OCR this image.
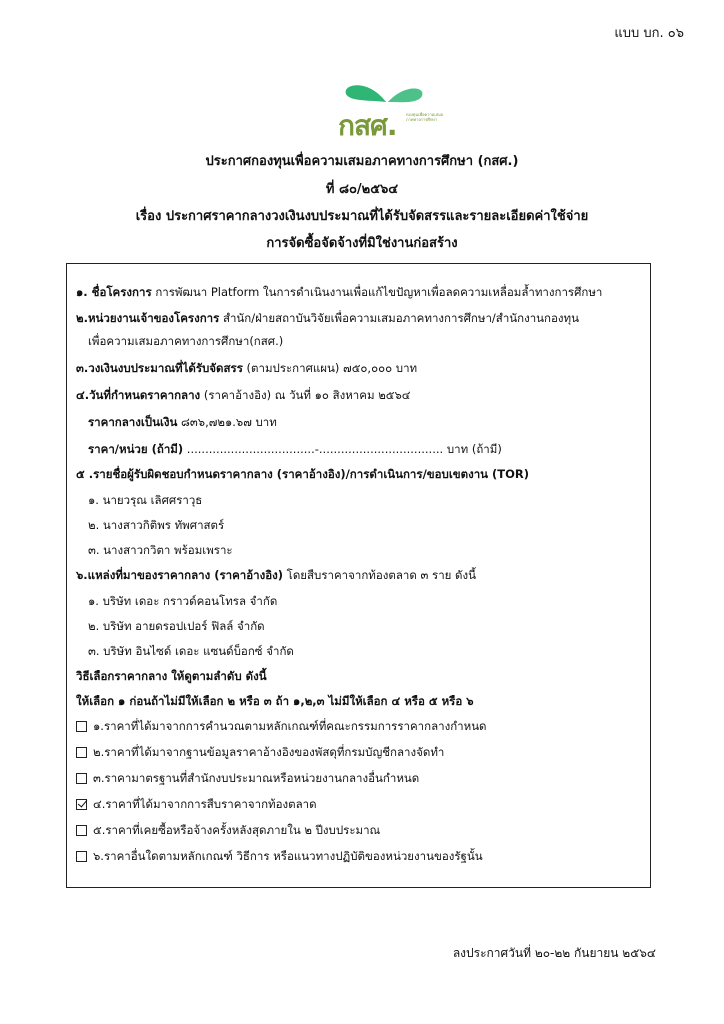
แบบ บก. ๐๖
กสศ. กองทุนเพื่อความเสมอภาคทางการศึกษา
ประกาศกองทุนเพื่อความเสมอภาคทางการศึกษา (กสศ.)
ที่ ๘๐/๒๕๖๔
เรื่อง ประกาศราคากลางวงเงินงบประมาณที่ได้รับจัดสรรและรายละเอียดค่าใช้จ่าย
การจัดซื้อจัดจ้างที่มิใช่งานก่อสร้าง
๑. ชื่อโครงการ การพัฒนา Platform ในการดำเนินงานเพื่อแก้ไขปัญหาเพื่อลดความเหลื่อมล้ำทางการศึกษา
๒.หน่วยงานเจ้าของโครงการ สำนัก/ฝ่ายสถาบันวิจัยเพื่อความเสมอภาคทางการศึกษา/สำนักงานกองทุน
เพื่อความเสมอภาคทางการศึกษา(กสศ.)
๓.วงเงินงบประมาณที่ได้รับจัดสรร (ตามประกาศแผน) ๗๕๐,๐๐๐ บาท
๔.วันที่กำหนดราคากลาง (ราคาอ้างอิง) ณ วันที่ ๑๐ สิงหาคม ๒๕๖๔
ราคากลางเป็นเงิน ๘๓๖,๗๒๑.๖๗ บาท
ราคา/หน่วย (ถ้ามี) ...................................-.................................. บาท (ถ้ามี)
๕ .รายชื่อผู้รับผิดชอบกำหนดราคากลาง (ราคาอ้างอิง)/การดำเนินการ/ขอบเขตงาน (TOR)
๑. นายวรุณ เลิศศราวุธ
๒. นางสาวกิติพร ทัพศาสตร์
๓. นางสาวกวิตา พร้อมเพราะ
๖.แหล่งที่มาของราคากลาง (ราคาอ้างอิง) โดยสืบราคาจากท้องตลาด ๓ ราย ดังนี้
๑. บริษัท เดอะ กราวด์คอนโทรล จำกัด
๒. บริษัท อายดรอปเปอร์ ฟิลล์ จำกัด
๓. บริษัท อินไซด์ เดอะ แซนด์บ็อกซ์ จำกัด
วิธีเลือกราคากลาง ให้ดูตามลำดับ ดังนี้
ให้เลือก ๑ ก่อนถ้าไม่มีให้เลือก ๒ หรือ ๓ ถ้า ๑,๒,๓ ไม่มีให้เลือก ๔ หรือ ๕ หรือ ๖
๑.ราคาที่ได้มาจากการคำนวณตามหลักเกณฑ์ที่คณะกรรมการราคากลางกำหนด
๒.ราคาที่ได้มาจากฐานข้อมูลราคาอ้างอิงของพัสดุที่กรมบัญชีกลางจัดทำ
๓.ราคามาตรฐานที่สำนักงบประมาณหรือหน่วยงานกลางอื่นกำหนด
๔.ราคาที่ได้มาจากการสืบราคาจากท้องตลาด
๕.ราคาที่เคยซื้อหรือจ้างครั้งหลังสุดภายใน ๒ ปีงบประมาณ
๖.ราคาอื่นใดตามหลักเกณฑ์ วิธีการ หรือแนวทางปฏิบัติของหน่วยงานของรัฐนั้น
ลงประกาศวันที่ ๒๐-๒๒ กันยายน ๒๕๖๔
